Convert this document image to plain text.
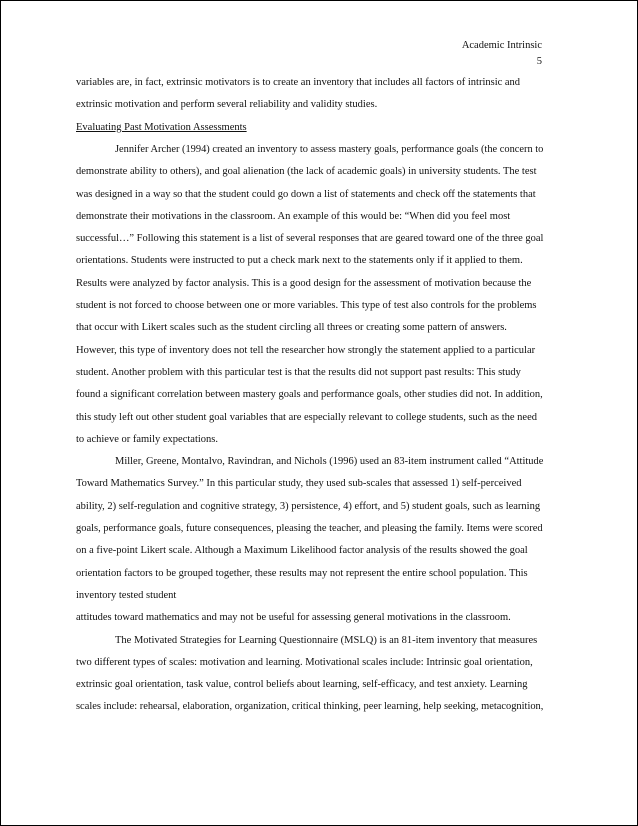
Academic Intrinsic
5
variables are, in fact, extrinsic motivators is to create an inventory that includes all factors of intrinsic and
extrinsic motivation and perform several reliability and validity studies.
Evaluating Past Motivation Assessments
Jennifer Archer (1994) created an inventory to assess mastery goals, performance goals (the concern to
demonstrate ability to others), and goal alienation (the lack of academic goals) in university students. The test
was designed in a way so that the student could go down a list of statements and check off the statements that
demonstrate their motivations in the classroom. An example of this would be: “When did you feel most
successful…” Following this statement is a list of several responses that are geared toward one of the three goal
orientations. Students were instructed to put a check mark next to the statements only if it applied to them.
Results were analyzed by factor analysis. This is a good design for the assessment of motivation because the
student is not forced to choose between one or more variables. This type of test also controls for the problems
that occur with Likert scales such as the student circling all threes or creating some pattern of answers.
However, this type of inventory does not tell the researcher how strongly the statement applied to a particular
student. Another problem with this particular test is that the results did not support past results: This study
found a significant correlation between mastery goals and performance goals, other studies did not. In addition,
this study left out other student goal variables that are especially relevant to college students, such as the need
to achieve or family expectations.
Miller, Greene, Montalvo, Ravindran, and Nichols (1996) used an 83-item instrument called “Attitude
Toward Mathematics Survey.” In this particular study, they used sub-scales that assessed 1) self-perceived
ability, 2) self-regulation and cognitive strategy, 3) persistence, 4) effort, and 5) student goals, such as learning
goals, performance goals, future consequences, pleasing the teacher, and pleasing the family. Items were scored
on a five-point Likert scale. Although a Maximum Likelihood factor analysis of the results showed the goal
orientation factors to be grouped together, these results may not represent the entire school population. This
inventory tested student
attitudes toward mathematics and may not be useful for assessing general motivations in the classroom.
The Motivated Strategies for Learning Questionnaire (MSLQ) is an 81-item inventory that measures
two different types of scales: motivation and learning. Motivational scales include: Intrinsic goal orientation,
extrinsic goal orientation, task value, control beliefs about learning, self-efficacy, and test anxiety. Learning
scales include: rehearsal, elaboration, organization, critical thinking, peer learning, help seeking, metacognition,
